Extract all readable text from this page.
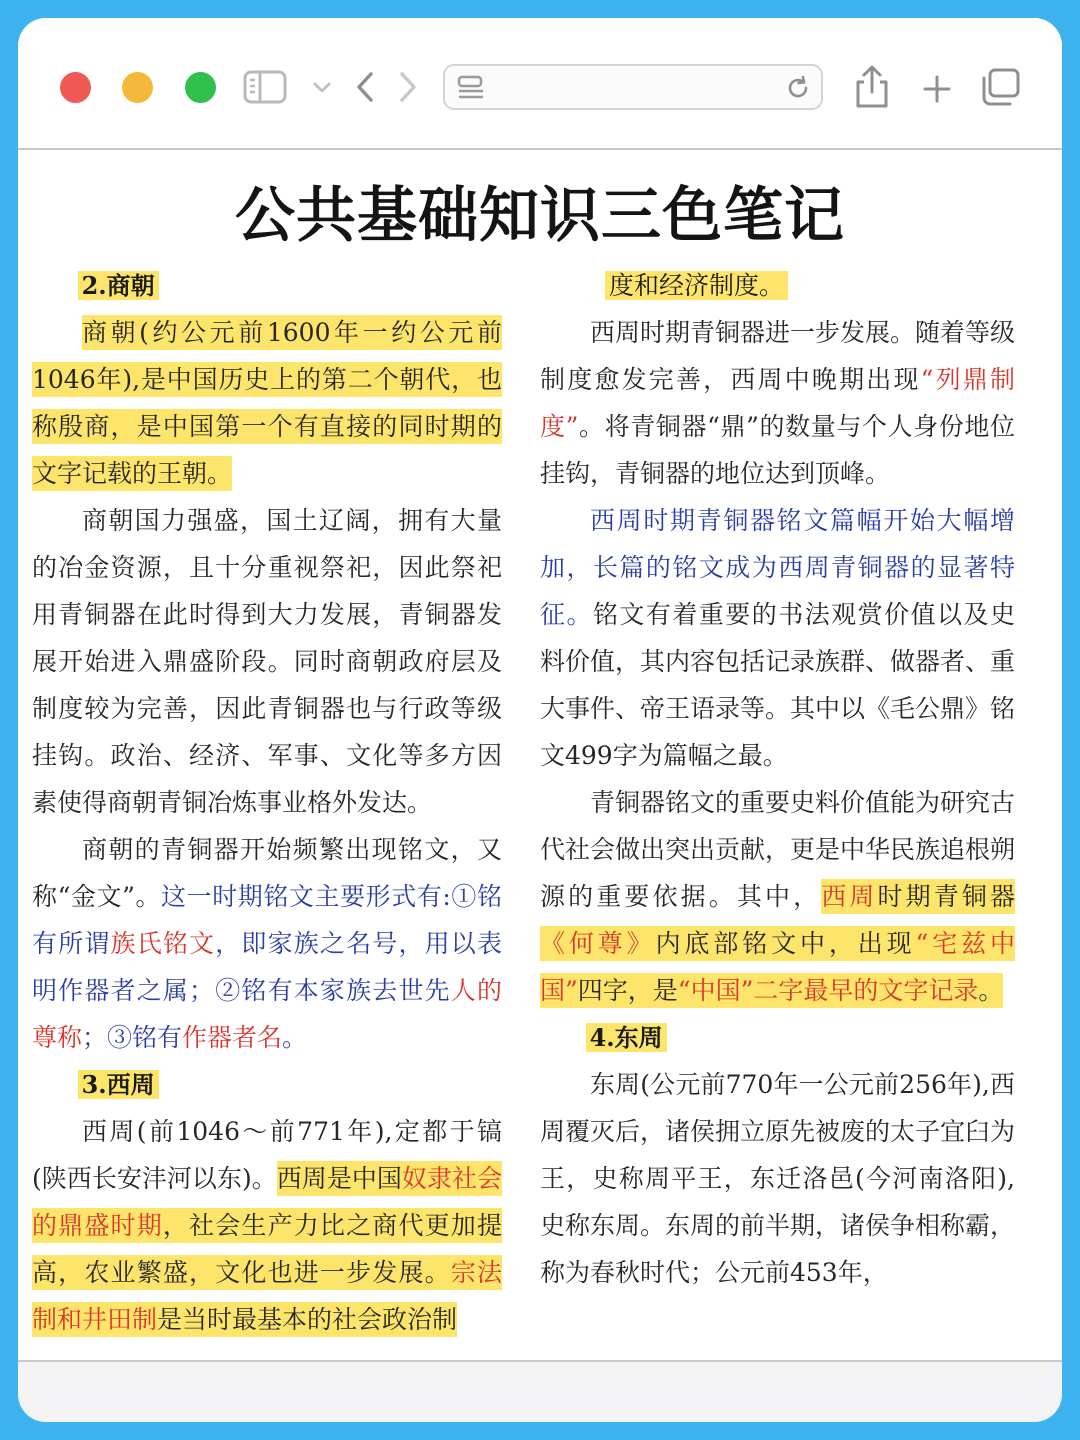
公共基础知识三色笔记

2.商朝

商朝(约公元前1600年一约公元前1046年),是中国历史上的第二个朝代，也称殷商，是中国第一个有直接的同时期的文字记载的王朝。

商朝国力强盛，国土辽阔，拥有大量的冶金资源，且十分重视祭祀，因此祭祀用青铜器在此时得到大力发展，青铜器发展开始进入鼎盛阶段。同时商朝政府层及制度较为完善，因此青铜器也与行政等级挂钩。政治、经济、军事、文化等多方因素使得商朝青铜冶炼事业格外发达。

商朝的青铜器开始频繁出现铭文，又称“金文”。这一时期铭文主要形式有:①铭有所谓族氏铭文，即家族之名号，用以表明作器者之属；②铭有本家族去世先人的尊称；③铭有作器者名。

3.西周

西周(前1046～前771年),定都于镐(陕西长安沣河以东)。西周是中国奴隶社会的鼎盛时期，社会生产力比之商代更加提高，农业繁盛，文化也进一步发展。宗法制和井田制是当时最基本的社会政治制

度和经济制度。

西周时期青铜器进一步发展。随着等级制度愈发完善，西周中晚期出现“列鼎制度”。将青铜器“鼎”的数量与个人身份地位挂钩，青铜器的地位达到顶峰。

西周时期青铜器铭文篇幅开始大幅增加，长篇的铭文成为西周青铜器的显著特征。铭文有着重要的书法观赏价值以及史料价值，其内容包括记录族群、做器者、重大事件、帝王语录等。其中以《毛公鼎》铭文499字为篇幅之最。

青铜器铭文的重要史料价值能为研究古代社会做出突出贡献，更是中华民族追根朔源的重要依据。其中，西周时期青铜器《何尊》内底部铭文中，出现“宅兹中国”四字，是“中国”二字最早的文字记录。

4.东周

东周(公元前770年一公元前256年),西周覆灭后，诸侯拥立原先被废的太子宜臼为王，史称周平王，东迁洛邑(今河南洛阳),史称东周。东周的前半期，诸侯争相称霸，称为春秋时代；公元前453年，
